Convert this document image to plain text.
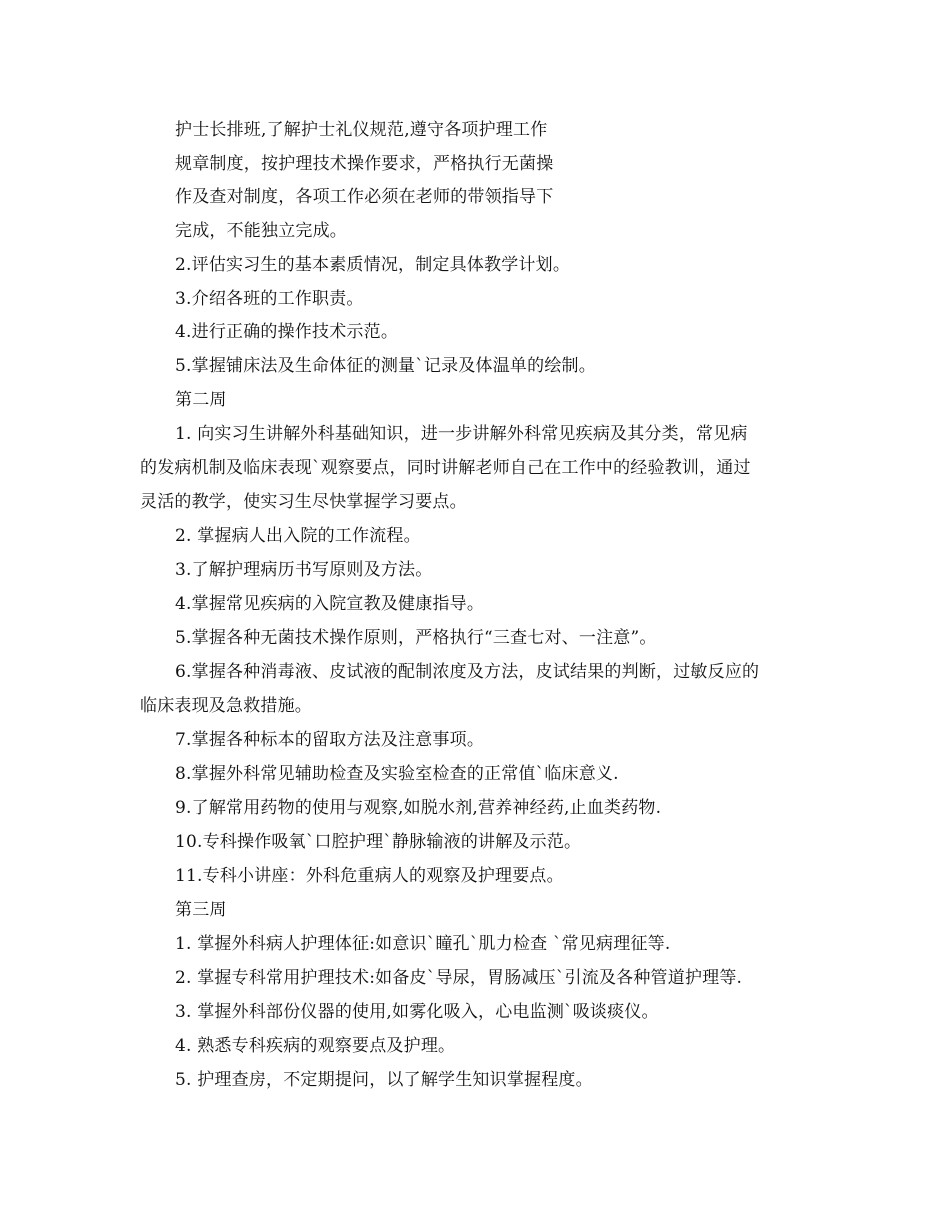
护士长排班,了解护士礼仪规范,遵守各项护理工作
规章制度，按护理技术操作要求，严格执行无菌操
作及查对制度，各项工作必须在老师的带领指导下
完成，不能独立完成。
2.评估实习生的基本素质情况，制定具体教学计划。
3.介绍各班的工作职责。
4.进行正确的操作技术示范。
5.掌握铺床法及生命体征的测量`记录及体温单的绘制。
第二周
1. 向实习生讲解外科基础知识，进一步讲解外科常见疾病及其分类，常见病
的发病机制及临床表现`观察要点，同时讲解老师自己在工作中的经验教训，通过
灵活的教学，使实习生尽快掌握学习要点。
2. 掌握病人出入院的工作流程。
3.了解护理病历书写原则及方法。
4.掌握常见疾病的入院宣教及健康指导。
5.掌握各种无菌技术操作原则，严格执行“三查七对、一注意”。
6.掌握各种消毒液、皮试液的配制浓度及方法，皮试结果的判断，过敏反应的
临床表现及急救措施。
7.掌握各种标本的留取方法及注意事项。
8.掌握外科常见辅助检查及实验室检查的正常值`临床意义.
9.了解常用药物的使用与观察,如脱水剂,营养神经药,止血类药物.
10.专科操作吸氧`口腔护理`静脉输液的讲解及示范。
11.专科小讲座：外科危重病人的观察及护理要点。
第三周
1. 掌握外科病人护理体征:如意识`瞳孔`肌力检查 `常见病理征等.
2. 掌握专科常用护理技术:如备皮`导尿，胃肠减压`引流及各种管道护理等.
3. 掌握外科部份仪器的使用,如雾化吸入，心电监测`吸谈痰仪。
4. 熟悉专科疾病的观察要点及护理。
5. 护理查房，不定期提问，以了解学生知识掌握程度。
